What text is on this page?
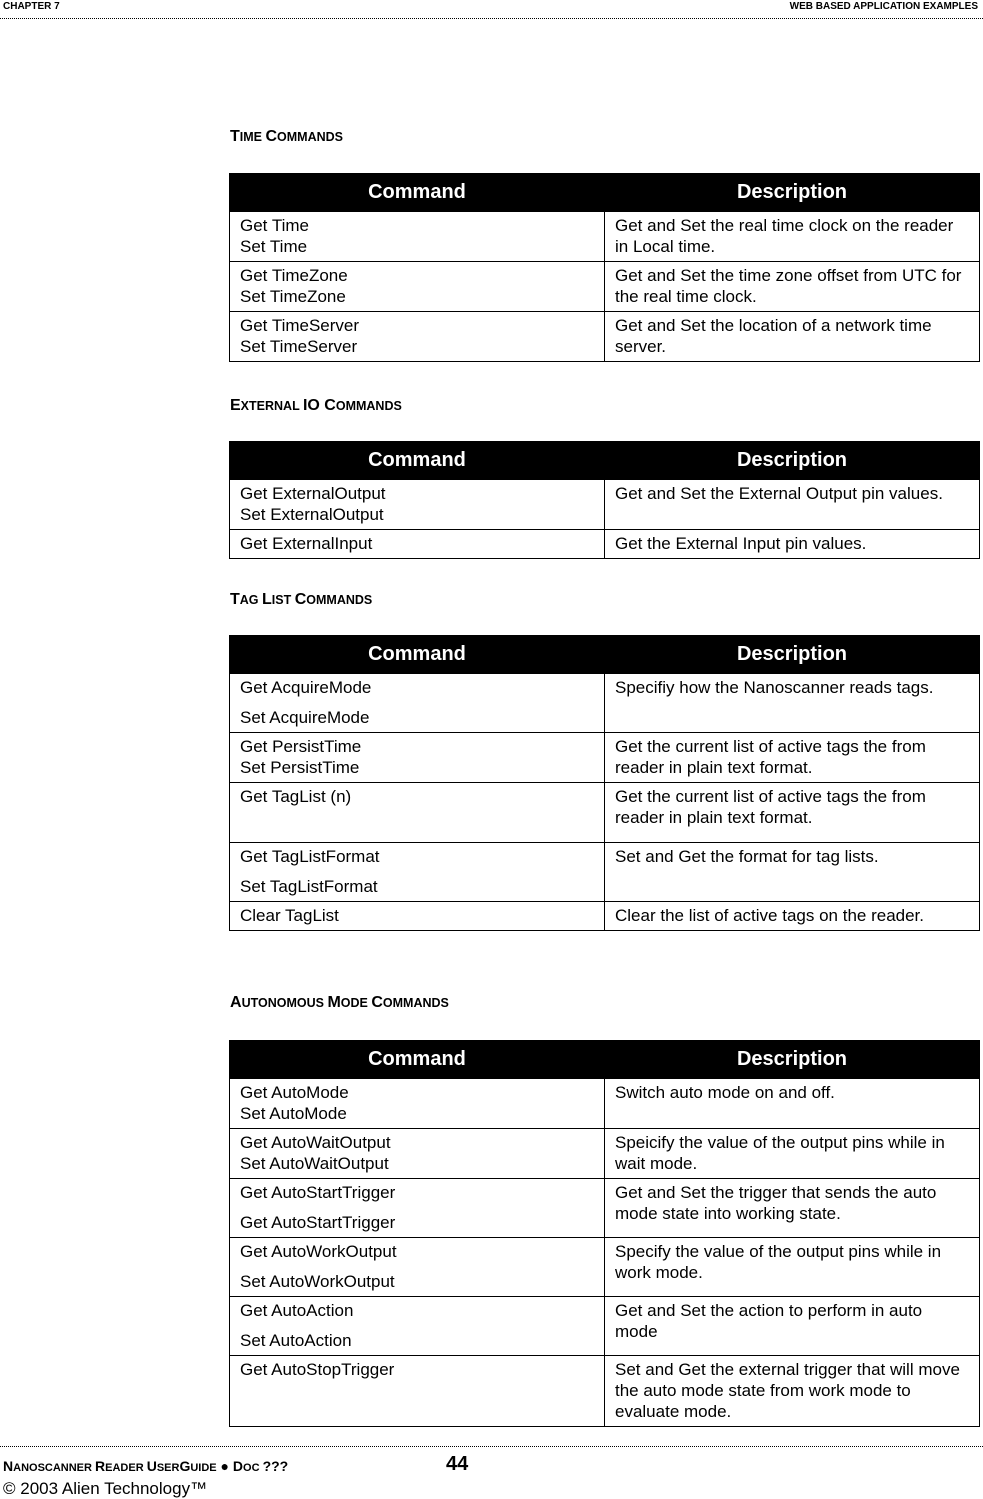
CHAPTER 7	WEB BASED APPLICATION EXAMPLES
TIME COMMANDS
Command	Description

Get Time
Set Time	Get and Set the real time clock on the reader in Local time.

Get TimeZone
Set TimeZone	Get and Set the time zone offset from UTC for the real time clock.

Get TimeServer
Set TimeServer	Get and Set the location of a network time server.
EXTERNAL IO COMMANDS
Command	Description

Get ExternalOutput
Set ExternalOutput	Get and Set the External Output pin values.

Get ExternalInput	Get the External Input pin values.
TAG LIST COMMANDS
Command	Description

Get AcquireMode
Set AcquireMode	Specifiy how the Nanoscanner reads tags.

Get PersistTime
Set PersistTime	Get the current list of active tags the from reader in plain text format.

Get TagList (n)	Get the current list of active tags the from reader in plain text format.

Get TagListFormat
Set TagListFormat	Set and Get the format for tag lists.

Clear TagList	Clear the list of active tags on the reader.
AUTONOMOUS MODE COMMANDS
Command	Description

Get AutoMode
Set AutoMode	Switch auto mode on and off.

Get AutoWaitOutput
Set AutoWaitOutput	Speicify the value of the output pins while in wait mode.

Get AutoStartTrigger
Get AutoStartTrigger	Get and Set the trigger that sends the auto mode state into working state.

Get AutoWorkOutput
Set AutoWorkOutput	Specify the value of the output pins while in work mode.

Get AutoAction
Set AutoAction	Get and Set the action to perform in auto mode

Get AutoStopTrigger	Set and Get the external trigger that will move the auto mode state from work mode to evaluate mode.
NANOSCANNER READER USERGUIDE ● DOC ???	44
© 2003 Alien Technology™
